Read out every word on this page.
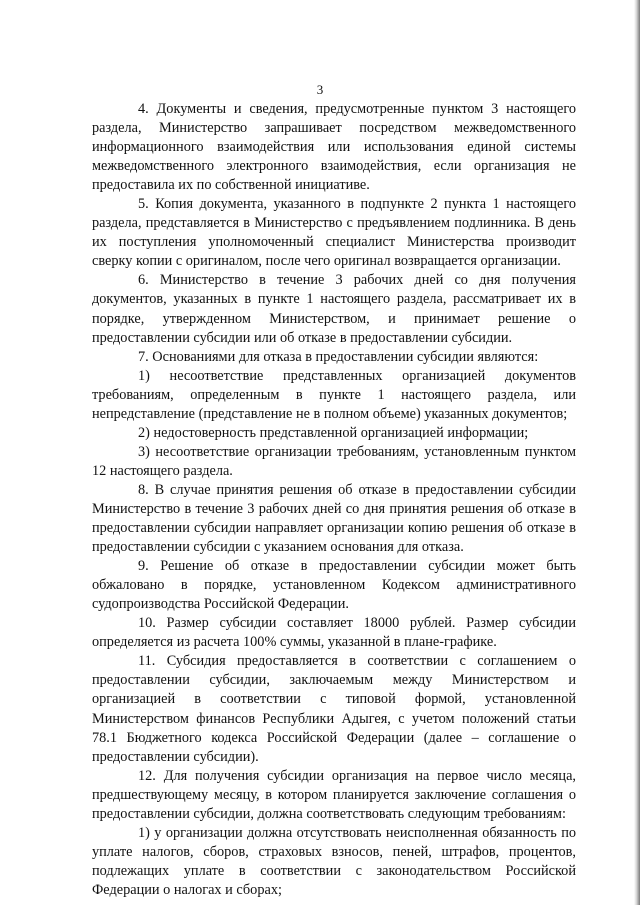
3

4. Документы и сведения, предусмотренные пунктом 3 настоящего раздела, Министерство запрашивает посредством межведомственного информационного взаимодействия или использования единой системы межведомственного электронного взаимодействия, если организация не предоставила их по собственной инициативе.

5. Копия документа, указанного в подпункте 2 пункта 1 настоящего раздела, представляется в Министерство с предъявлением подлинника. В день их поступления уполномоченный специалист Министерства производит сверку копии с оригиналом, после чего оригинал возвращается организации.

6. Министерство в течение 3 рабочих дней со дня получения документов, указанных в пункте 1 настоящего раздела, рассматривает их в порядке, утвержденном Министерством, и принимает решение о предоставлении субсидии или об отказе в предоставлении субсидии.

7. Основаниями для отказа в предоставлении субсидии являются:

1) несоответствие представленных организацией документов требованиям, определенным в пункте 1 настоящего раздела, или непредставление (представление не в полном объеме) указанных документов;

2) недостоверность представленной организацией информации;

3) несоответствие организации требованиям, установленным пунктом 12 настоящего раздела.

8. В случае принятия решения об отказе в предоставлении субсидии Министерство в течение 3 рабочих дней со дня принятия решения об отказе в предоставлении субсидии направляет организации копию решения об отказе в предоставлении субсидии с указанием основания для отказа.

9. Решение об отказе в предоставлении субсидии может быть обжаловано в порядке, установленном Кодексом административного судопроизводства Российской Федерации.

10. Размер субсидии составляет 18000 рублей. Размер субсидии определяется из расчета 100% суммы, указанной в плане-графике.

11. Субсидия предоставляется в соответствии с соглашением о предоставлении субсидии, заключаемым между Министерством и организацией в соответствии с типовой формой, установленной Министерством финансов Республики Адыгея, с учетом положений статьи 78.1 Бюджетного кодекса Российской Федерации (далее – соглашение о предоставлении субсидии).

12. Для получения субсидии организация на первое число месяца, предшествующему месяцу, в котором планируется заключение соглашения о предоставлении субсидии, должна соответствовать следующим требованиям:

1) у организации должна отсутствовать неисполненная обязанность по уплате налогов, сборов, страховых взносов, пеней, штрафов, процентов, подлежащих уплате в соответствии с законодательством Российской Федерации о налогах и сборах;
